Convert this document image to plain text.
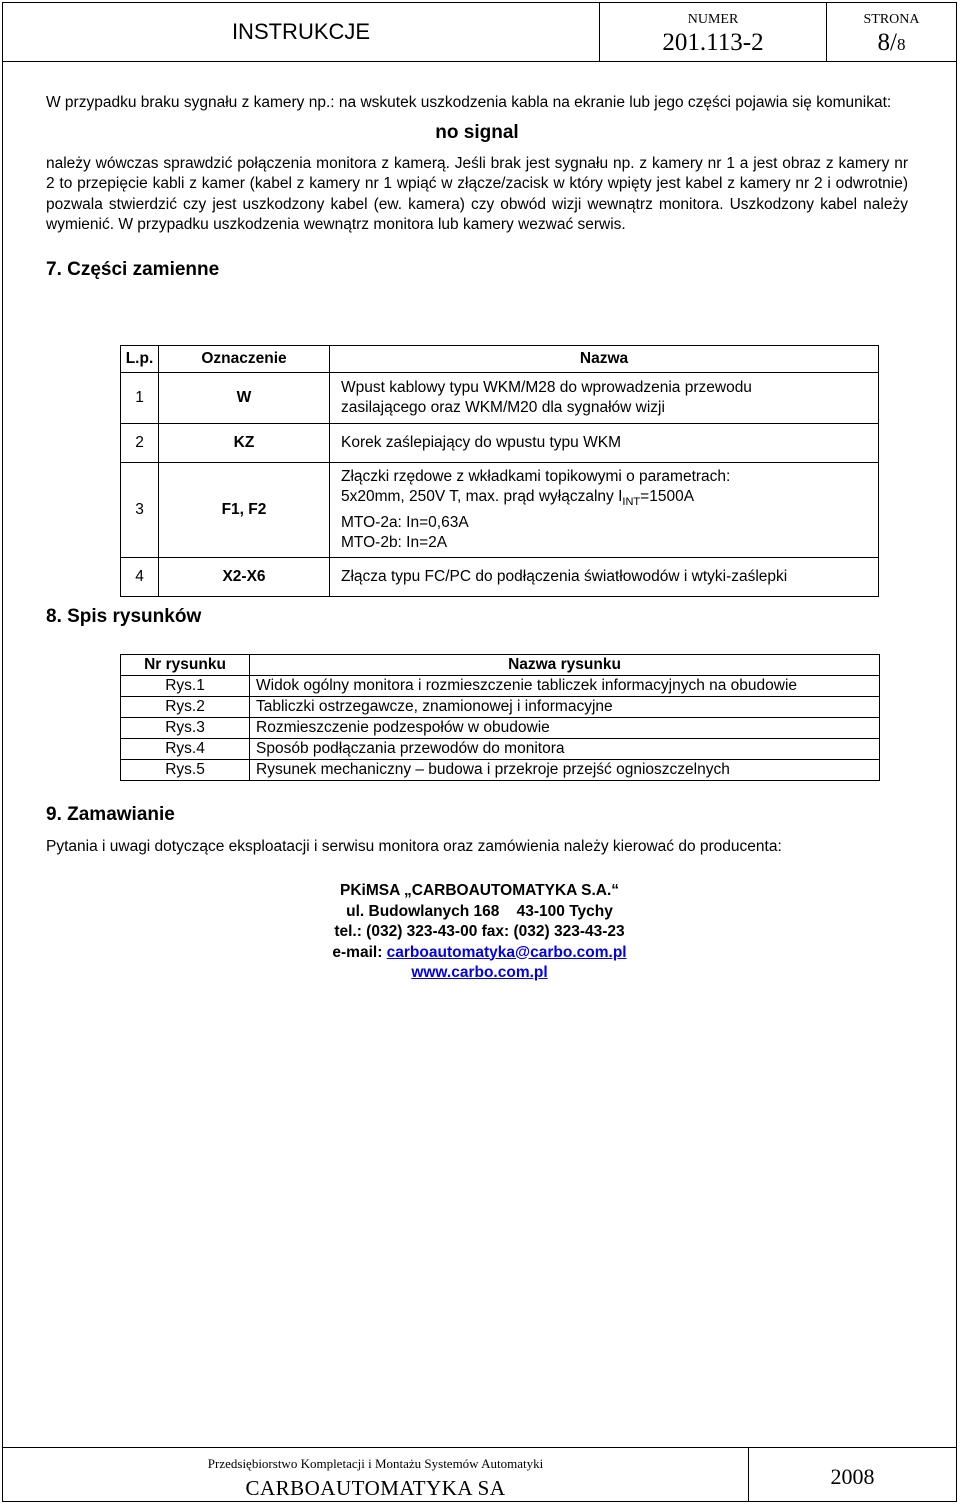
INSTRUKCJE	NUMER
201.113-2
STRONA
8/8

W przypadku braku sygnału z kamery np.: na wskutek uszkodzenia kabla na ekranie lub jego części pojawia się komunikat:

no signal

należy wówczas sprawdzić połączenia monitora z kamerą. Jeśli brak jest sygnału np. z kamery nr 1 a jest obraz z kamery nr 2 to przepięcie kabli z kamer (kabel z kamery nr 1 wpiąć w złącze/zacisk w który wpięty jest kabel z kamery nr 2 i odwrotnie) pozwala stwierdzić czy jest uszkodzony kabel (ew. kamera) czy obwód wizji wewnątrz monitora. Uszkodzony kabel należy wymienić. W przypadku uszkodzenia wewnątrz monitora lub kamery wezwać serwis.

7. Części zamienne

L.p.	Oznaczenie	Nazwa
1	W	Wpust kablowy typu WKM/M28 do wprowadzenia przewodu
zasilającego oraz WKM/M20 dla sygnałów wizji

2	KZ	Korek zaślepiający do wpustu typu WKM
3	F1, F2	Złączki rzędowe z wkładkami topikowymi o parametrach:
5x20mm, 250V T, max. prąd wyłączalny $I_{INT}=1500A$
MTO-2a: In=0,63A
MTO-2b: In=2A

4	X2-X6	Złącza typu FC/PC do podłączenia światłowodów i wtyki-zaślepki
8. Spis rysunków
Nr rysunku	Nazwa rysunku
Rys.1	Widok ogólny monitora i rozmieszczenie tabliczek informacyjnych na obudowie
Rys.2	Tabliczki ostrzegawcze, znamionowej i informacyjne
Rys.3	Rozmieszczenie podzespołów w obudowie
Rys.4	Sposób podłączania przewodów do monitora
Rys.5	Rysunek mechaniczny – budowa i przekroje przejść ognioszczelnych
9. Zamawianie
Pytania i uwagi dotyczące eksploatacji i serwisu monitora oraz zamówienia należy kierować do producenta:
PKiMSA „CARBOAUTOMATYKA S.A.“
ul. Budowlanych 168    43-100 Tychy
tel.: (032) 323-43-00 fax: (032) 323-43-23
e-mail: carboautomatyka@carbo.com.pl
www.carbo.com.pl
Przedsiębiorstwo Kompletacji i Montażu Systemów Automatyki
CARBOAUTOMATYKA SA	2008
